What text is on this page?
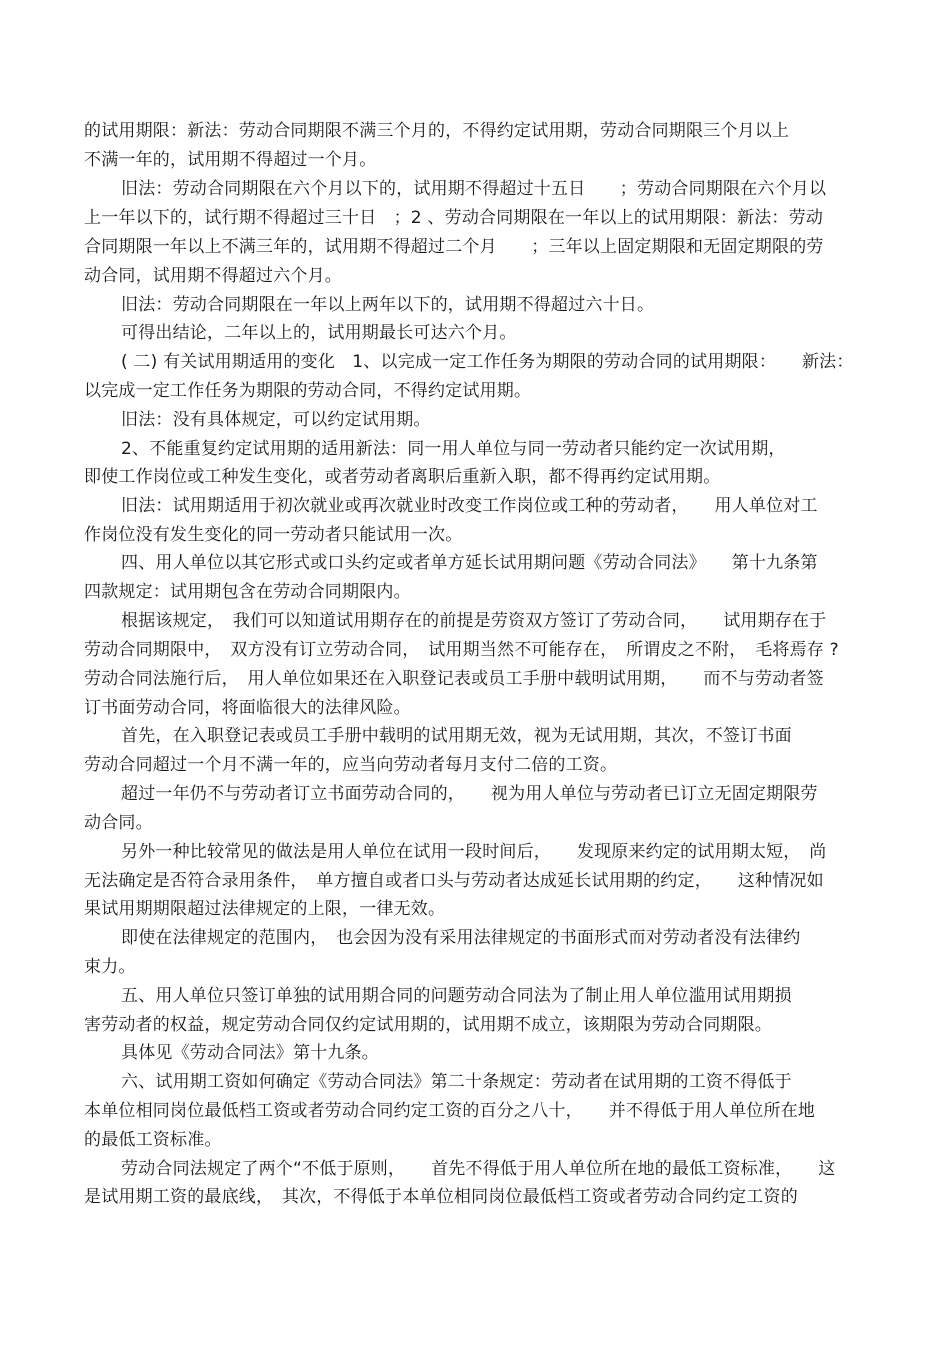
的试用期限：新法：劳动合同期限不满三个月的，不得约定试用期，劳动合同期限三个月以上
不满一年的，试用期不得超过一个月。
旧法：劳动合同期限在六个月以下的，试用期不得超过十五日　　；劳动合同期限在六个月以
上一年以下的，试行期不得超过三十日　；2 、劳动合同期限在一年以上的试用期限：新法：劳动
合同期限一年以上不满三年的，试用期不得超过二个月　　；三年以上固定期限和无固定期限的劳
动合同，试用期不得超过六个月。
旧法：劳动合同期限在一年以上两年以下的，试用期不得超过六十日。
可得出结论，二年以上的，试用期最长可达六个月。
( 二) 有关试用期适用的变化　1、以完成一定工作任务为期限的劳动合同的试用期限：　　新法：
以完成一定工作任务为期限的劳动合同，不得约定试用期。
旧法：没有具体规定，可以约定试用期。
2、不能重复约定试用期的适用新法：同一用人单位与同一劳动者只能约定一次试用期，
即使工作岗位或工种发生变化，或者劳动者离职后重新入职，都不得再约定试用期。
旧法：试用期适用于初次就业或再次就业时改变工作岗位或工种的劳动者，　　用人单位对工
作岗位没有发生变化的同一劳动者只能试用一次。
四、用人单位以其它形式或口头约定或者单方延长试用期问题《劳动合同法》　　第十九条第
四款规定：试用期包含在劳动合同期限内。
根据该规定，　我们可以知道试用期存在的前提是劳资双方签订了劳动合同，　　试用期存在于
劳动合同期限中，　双方没有订立劳动合同，　试用期当然不可能存在，　所谓皮之不附，　毛将焉存 ?
劳动合同法施行后，　用人单位如果还在入职登记表或员工手册中载明试用期，　　而不与劳动者签
订书面劳动合同，将面临很大的法律风险。
首先，在入职登记表或员工手册中载明的试用期无效，视为无试用期，其次，不签订书面
劳动合同超过一个月不满一年的，应当向劳动者每月支付二倍的工资。
超过一年仍不与劳动者订立书面劳动合同的，　　视为用人单位与劳动者已订立无固定期限劳
动合同。
另外一种比较常见的做法是用人单位在试用一段时间后，　　发现原来约定的试用期太短，　尚
无法确定是否符合录用条件，　单方擅自或者口头与劳动者达成延长试用期的约定，　　这种情况如
果试用期期限超过法律规定的上限，一律无效。
即使在法律规定的范围内，　也会因为没有采用法律规定的书面形式而对劳动者没有法律约
束力。
五、用人单位只签订单独的试用期合同的问题劳动合同法为了制止用人单位滥用试用期损
害劳动者的权益，规定劳动合同仅约定试用期的，试用期不成立，该期限为劳动合同期限。
具体见《劳动合同法》第十九条。
六、试用期工资如何确定《劳动合同法》第二十条规定：劳动者在试用期的工资不得低于
本单位相同岗位最低档工资或者劳动合同约定工资的百分之八十，　　并不得低于用人单位所在地
的最低工资标准。
劳动合同法规定了两个“不低于原则，　　首先不得低于用人单位所在地的最低工资标准，　　这
是试用期工资的最底线，　其次，不得低于本单位相同岗位最低档工资或者劳动合同约定工资的
